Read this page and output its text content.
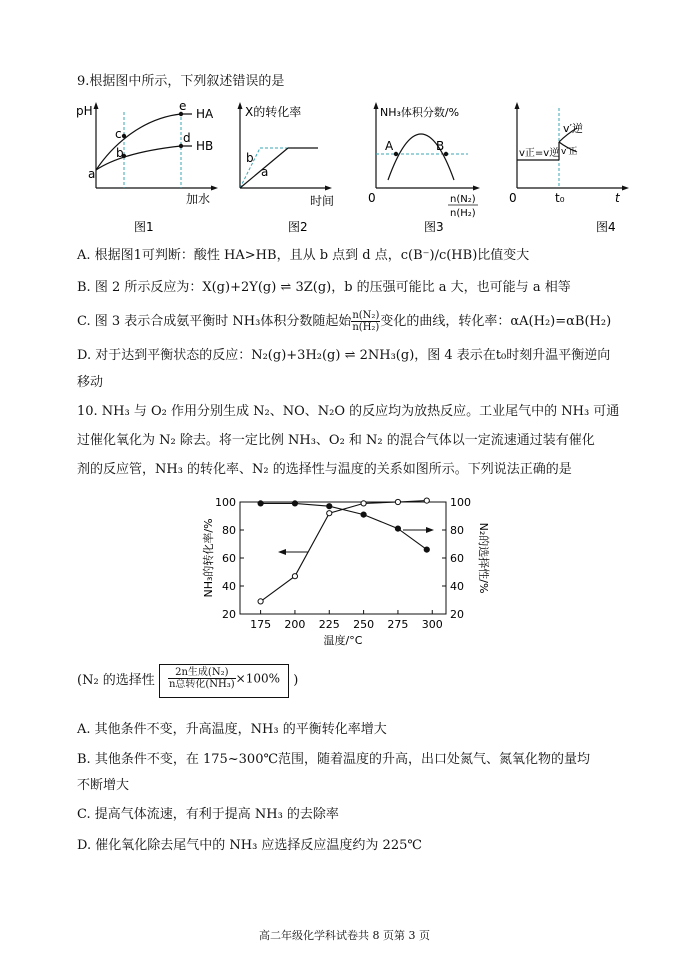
9.根据图中所示，下列叙述错误的是
pH
加水
HA
HB
a
b
c	d
e
图1
X的转化率
b
a
时间
图2
NH₃体积分数/%
A	B
0	n(N₂)
n(H₂)
图3
v′逆
v′正
v正=v逆
0	t₀	t
图4
A. 根据图1可判断：酸性 HA>HB，且从 b 点到 d 点，c(B⁻)/c(HB)比值变大
B. 图 2 所示反应为：X(g)+2Y(g) ⇌ 3Z(g)，b 的压强可能比 a 大，也可能与 a 相等
C. 图 3 表示合成氨平衡时 NH₃体积分数随起始 $\frac{\text{n(N₂)}}{\text{n(H₂)}}$ 变化的曲线，转化率：αA(H₂)=αB(H₂)
D. 对于达到平衡状态的反应：N₂(g)+3H₂(g) ⇌ 2NH₃(g)，图 4 表示在t₀时刻升温平衡逆向
移动
10. NH₃ 与 O₂ 作用分别生成 N₂、NO、N₂O 的反应均为放热反应。工业尾气中的 NH₃ 可通
过催化氧化为 N₂ 除去。将一定比例 NH₃、O₂ 和 N₂ 的混合气体以一定流速通过装有催化
剂的反应管，NH₃ 的转化率、N₂ 的选择性与温度的关系如图所示。下列说法正确的是
175 200 225 250 275 300
20
40
60
80
100
20
40
60
80
100
温度/°C
NH₃的转化率/%	N₂的选择性/%
(N₂ 的选择性 $\frac{\text{2n生成(N₂)}}{\text{n总转化(NH₃)}} \times 100\%$ )
A. 其他条件不变，升高温度，NH₃ 的平衡转化率增大
B. 其他条件不变，在 175~300℃范围，随着温度的升高，出口处氮气、氮氧化物的量均
不断增大
C. 提高气体流速，有利于提高 NH₃ 的去除率
D. 催化氧化除去尾气中的 NH₃ 应选择反应温度约为 225℃
高二年级化学科试卷共 8 页第 3 页
